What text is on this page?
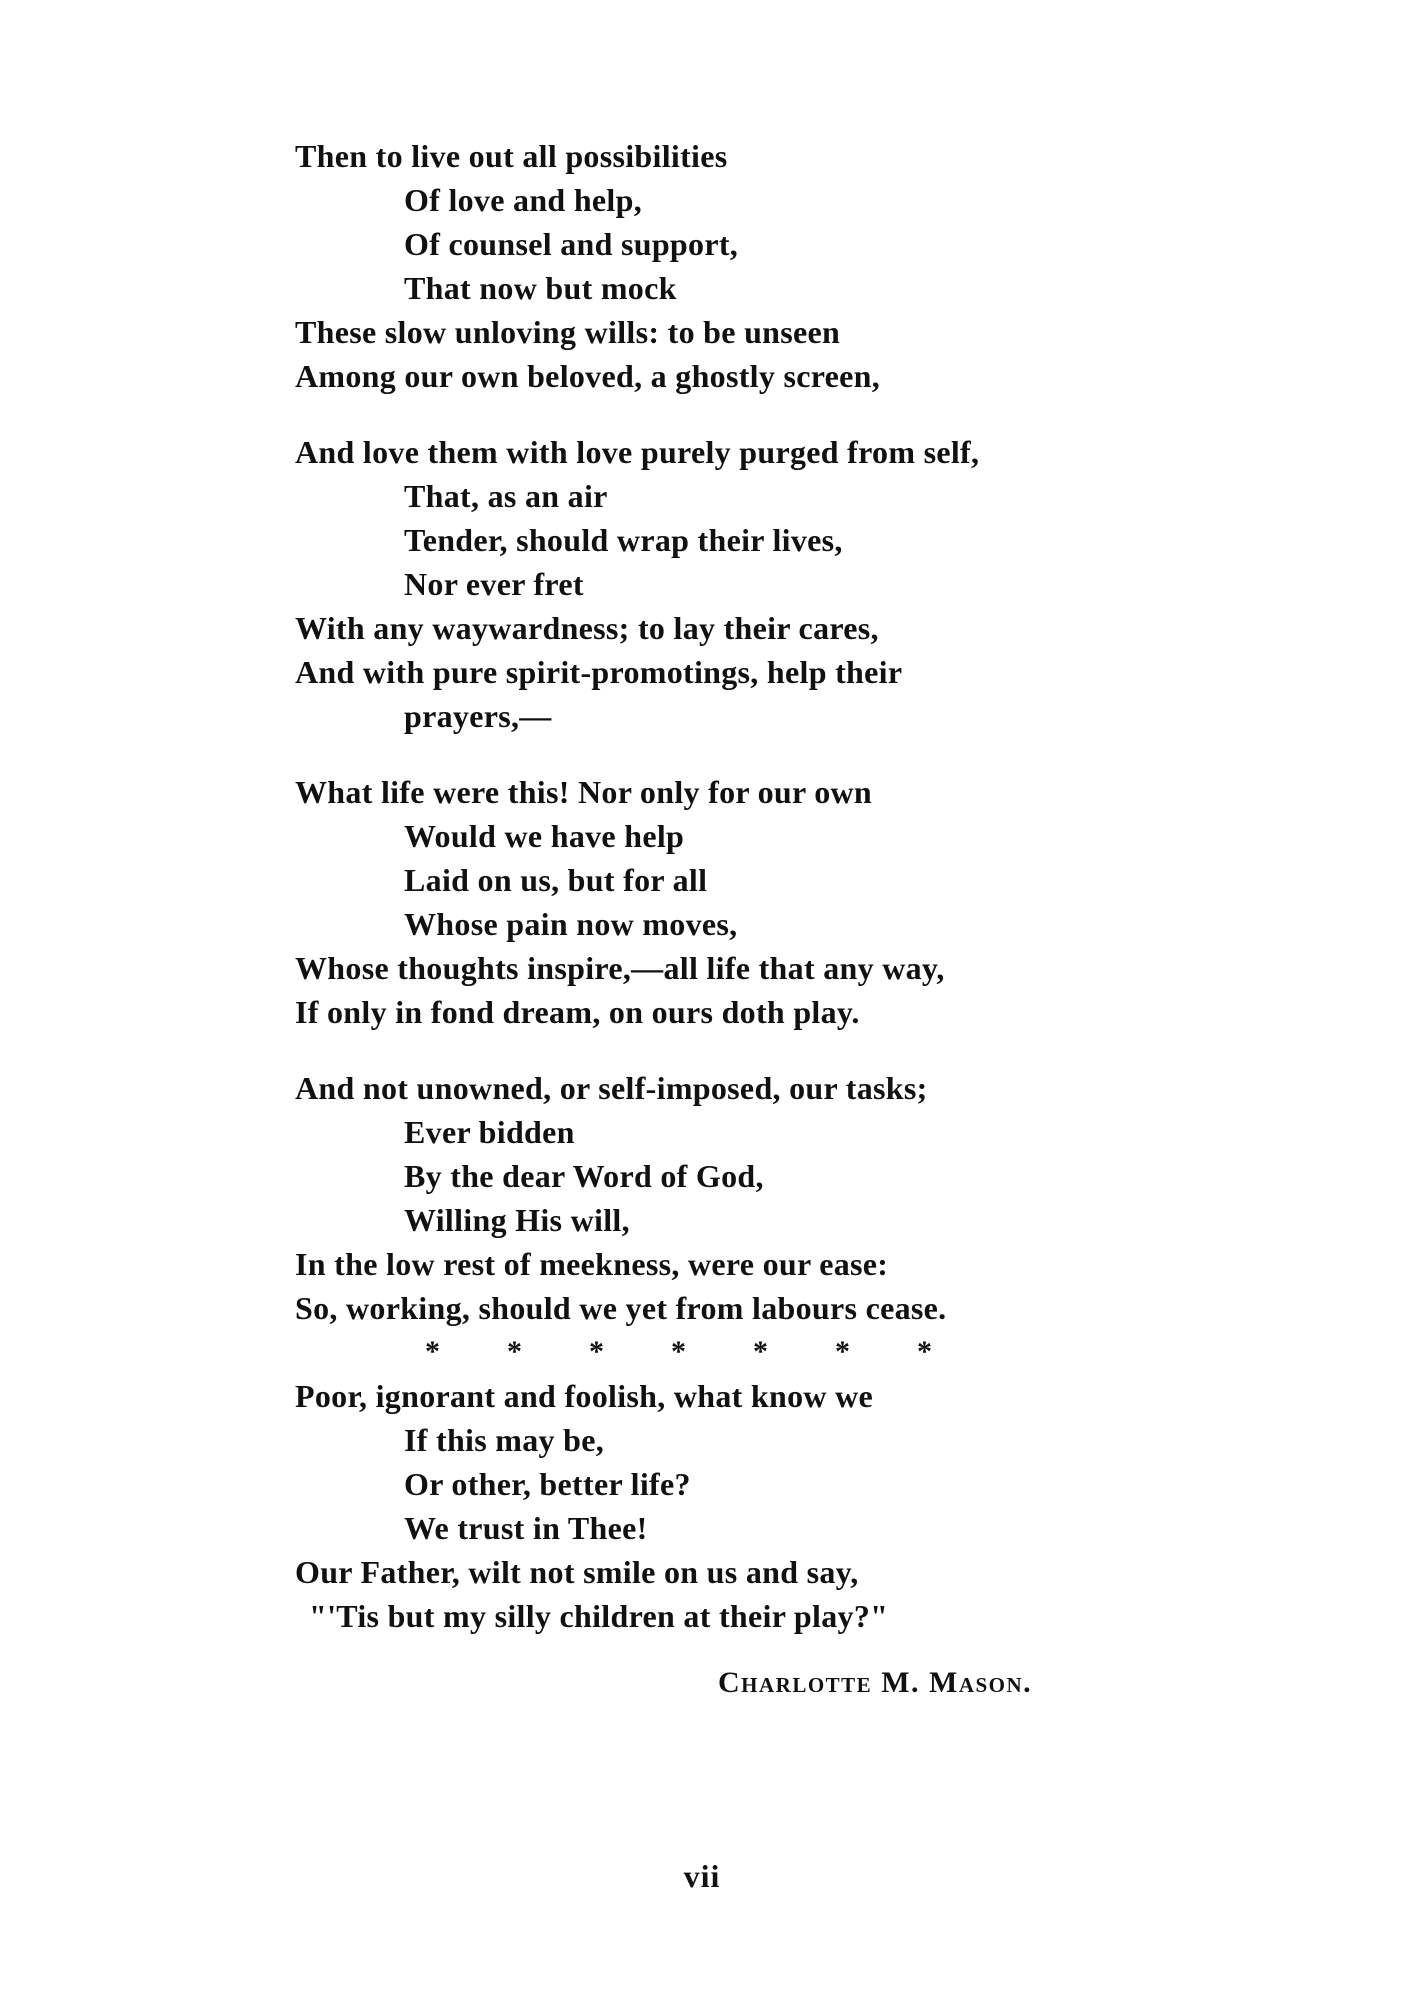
Then to live out all possibilities
Of love and help,
Of counsel and support,
That now but mock
These slow unloving wills: to be unseen
Among our own beloved, a ghostly screen,
And love them with love purely purged from self,
That, as an air
Tender, should wrap their lives,
Nor ever fret
With any waywardness; to lay their cares,
And with pure spirit-promotings, help their
prayers,—
What life were this! Nor only for our own
Would we have help
Laid on us, but for all
Whose pain now moves,
Whose thoughts inspire,—all life that any way,
If only in fond dream, on ours doth play.
And not unowned, or self-imposed, our tasks;
Ever bidden
By the dear Word of God,
Willing His will,
In the low rest of meekness, were our ease:
So, working, should we yet from labours cease.
*	*	*	*	*	*	*
Poor, ignorant and foolish, what know we
If this may be,
Or other, better life?
We trust in Thee!
Our Father, wilt not smile on us and say,
"'Tis but my silly children at their play?"
Charlotte M. Mason.
vii
